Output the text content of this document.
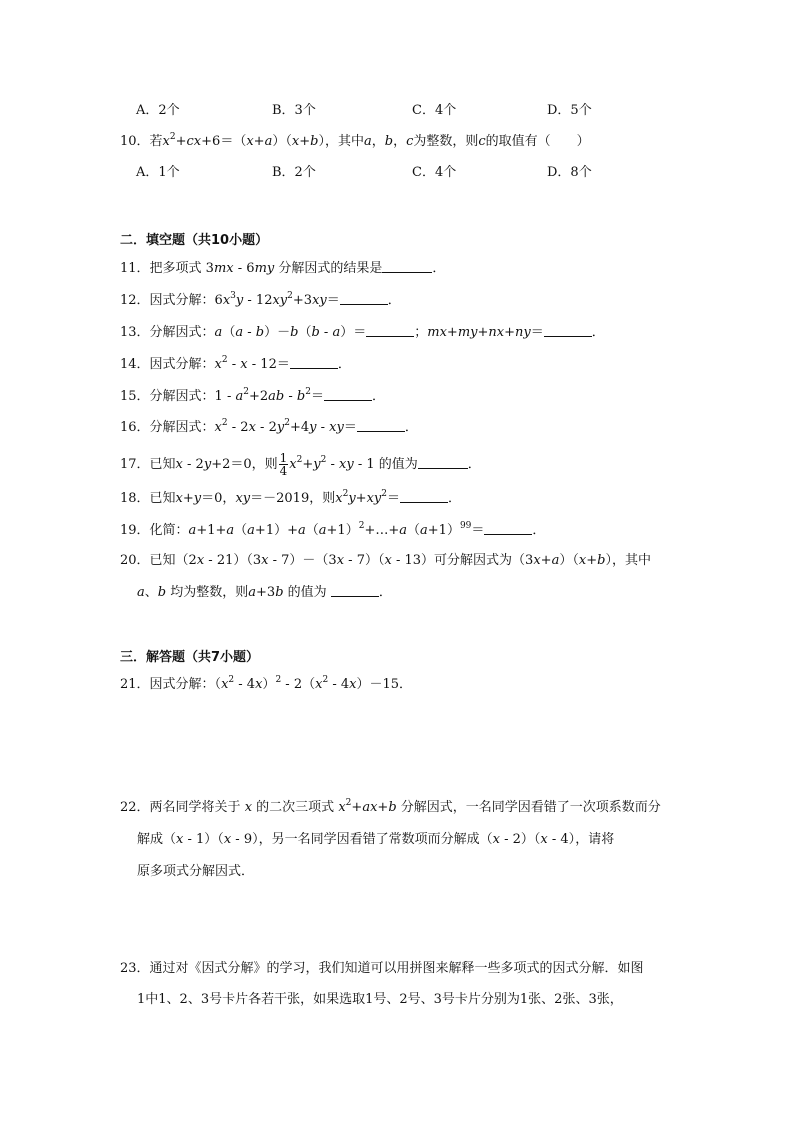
A．2个	B．3个	C．4个	D．5个
10．若$x^2+cx+6=(x+a)(x+b)$，其中a，b，c为整数，则c的取值有（　　）
A．1个	B．2个	C．4个	D．8个
二．填空题（共10小题）
11．把多项式 3mx - 6my 分解因式的结果是	．
12．因式分解：$6x^3y - 12xy^2+3xy=$	．
13．分解因式：a（a - b）－b（b - a）＝	；mx+my+nx+ny＝	．
14．因式分解：$x^2 - x - 12=$	．
15．分解因式：$1 - a^2+2ab - b^2=$	．
16．分解因式：$x^2 - 2x - 2y^2+4y - xy=$	．
17．已知x - 2y+2＝0，则 $\frac{1}{4} x^2+y^2$ - xy - 1 的值为	．
18．已知x+y＝0，xy＝－2019，则$x^2y+xy^2=$	．
19．化简：$a+1+a(a+1)+a(a+1)^2+\dots+a(a+1)^{99}=$	．
20．已知（2x - 21）（3x - 7）－（3x - 7）（x - 13）可分解因式为（3x+a）（x+b），其中
a、b 均为整数，则a+3b 的值为	．
三．解答题（共7小题）
21．因式分解：$(x^2 - 4x)^2 - 2(x^2 - 4x)-15$．
22．两名同学将关于 x 的二次三项式 $x^2+ax+b$ 分解因式，一名同学因看错了一次项系数而分
解成（x - 1）（x - 9），另一名同学因看错了常数项而分解成（x - 2）（x - 4），请将
原多项式分解因式．
23．通过对《因式分解》的学习，我们知道可以用拼图来解释一些多项式的因式分解．如图
1中1、2、3号卡片各若干张，如果选取1号、2号、3号卡片分别为1张、2张、3张，
